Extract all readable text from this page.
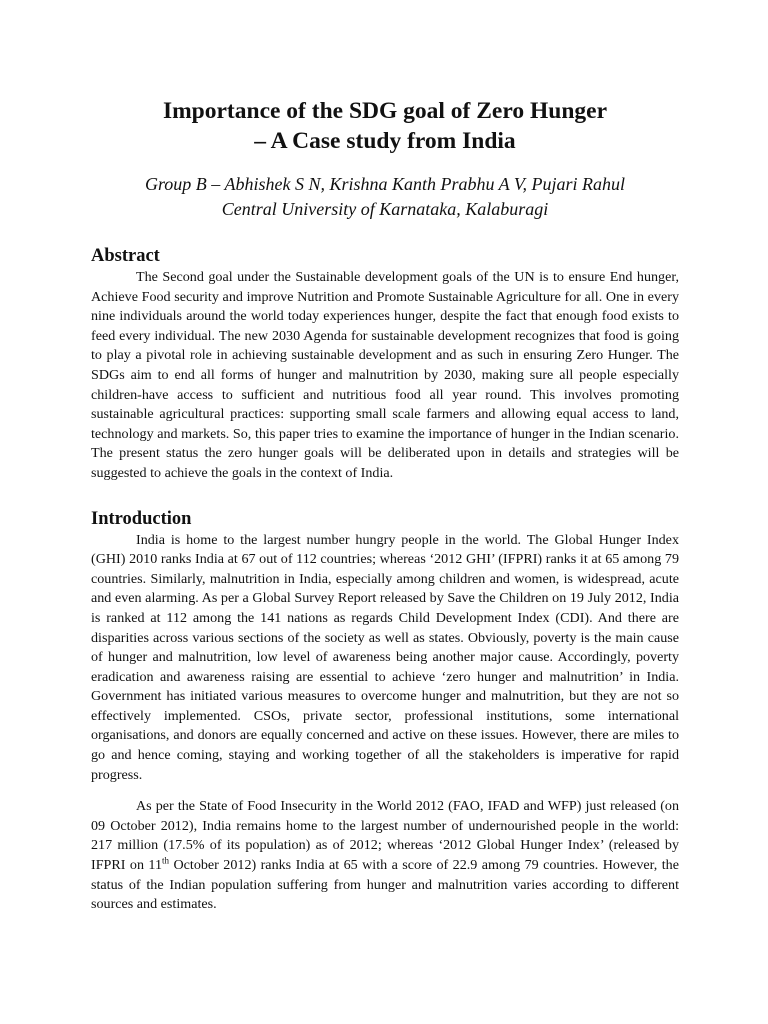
Importance of the SDG goal of Zero Hunger
– A Case study from India
Group B – Abhishek S N, Krishna Kanth Prabhu A V, Pujari Rahul
Central University of Karnataka, Kalaburagi
Abstract

The Second goal under the Sustainable development goals of the UN is to ensure End hunger, Achieve Food security and improve Nutrition and Promote Sustainable Agriculture for all. One in every nine individuals around the world today experiences hunger, despite the fact that enough food exists to feed every individual. The new 2030 Agenda for sustainable development recognizes that food is going to play a pivotal role in achieving sustainable development and as such in ensuring Zero Hunger. The SDGs aim to end all forms of hunger and malnutrition by 2030, making sure all people especially children-have access to sufficient and nutritious food all year round. This involves promoting sustainable agricultural practices: supporting small scale farmers and allowing equal access to land, technology and markets. So, this paper tries to examine the importance of hunger in the Indian scenario. The present status the zero hunger goals will be deliberated upon in details and strategies will be suggested to achieve the goals in the context of India.

Introduction

India is home to the largest number hungry people in the world. The Global Hunger Index (GHI) 2010 ranks India at 67 out of 112 countries; whereas ‘2012 GHI’ (IFPRI) ranks it at 65 among 79 countries. Similarly, malnutrition in India, especially among children and women, is widespread, acute and even alarming. As per a Global Survey Report released by Save the Children on 19 July 2012, India is ranked at 112 among the 141 nations as regards Child Development Index (CDI). And there are disparities across various sections of the society as well as states. Obviously, poverty is the main cause of hunger and malnutrition, low level of awareness being another major cause. Accordingly, poverty eradication and awareness raising are essential to achieve ‘zero hunger and malnutrition’ in India. Government has initiated various measures to overcome hunger and malnutrition, but they are not so effectively implemented. CSOs, private sector, professional institutions, some international organisations, and donors are equally concerned and active on these issues. However, there are miles to go and hence coming, staying and working together of all the stakeholders is imperative for rapid progress.

As per the State of Food Insecurity in the World 2012 (FAO, IFAD and WFP) just released (on 09 October 2012), India remains home to the largest number of undernourished people in the world: 217 million (17.5% of its population) as of 2012; whereas ‘2012 Global Hunger Index’ (released by IFPRI on 11th October 2012) ranks India at 65 with a score of 22.9 among 79 countries. However, the status of the Indian population suffering from hunger and malnutrition varies according to different sources and estimates.
